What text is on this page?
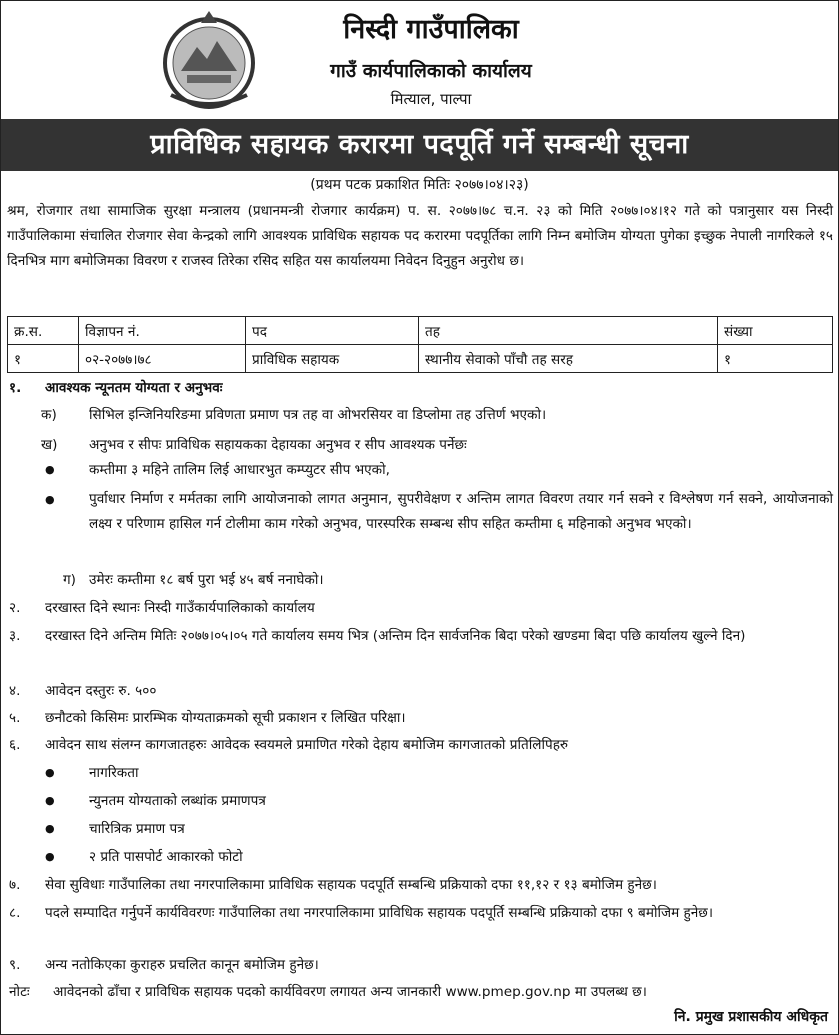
निस्दी गाउँपालिका
गाउँ कार्यपालिकाको कार्यालय
मित्याल, पाल्पा
प्राविधिक सहायक करारमा पदपूर्ति गर्ने सम्बन्धी सूचना
(प्रथम पटक प्रकाशित मितिः २०७७।०४।२३)
श्रम, रोजगार तथा सामाजिक सुरक्षा मन्त्रालय (प्रधानमन्त्री रोजगार कार्यक्रम) प. स. २०७७।७८ च.न. २३ को मिति २०७७।०४।१२ गते को पत्रानुसार यस निस्दी गाउँपालिकामा संचालित रोजगार सेवा केन्द्रको लागि आवश्यक प्राविधिक सहायक पद करारमा पदपूर्तिका लागि निम्न बमोजिम योग्यता पुगेका इच्छुक नेपाली नागरिकले १५ दिनभित्र माग बमोजिमका विवरण र राजस्व तिरेका रसिद सहित यस कार्यालयमा निवेदन दिनुहुन अनुरोध छ।
क्र.स.	विज्ञापन नं.	पद	तह	संख्या
१	०२-२०७७।७८	प्राविधिक सहायक	स्थानीय सेवाको पाँचौ तह सरह	१
१. आवश्यक न्यूनतम योग्यता र अनुभवः
क) सिभिल इन्जिनियरिङमा प्रविणता प्रमाण पत्र तह वा ओभरसियर वा डिप्लोमा तह उत्तिर्ण भएको।
ख) अनुभव र सीपः प्राविधिक सहायकका देहायका अनुभव र सीप आवश्यक पर्नेछः
●	कम्तीमा ३ महिने तालिम लिई आधारभुत कम्प्युटर सीप भएको,
●	पुर्वाधार निर्माण र मर्मतका लागि आयोजनाको लागत अनुमान, सुपरीवेक्षण र अन्तिम लागत विवरण तयार गर्न सक्ने र विश्लेषण गर्न सक्ने, आयोजनाको लक्ष्य र परिणाम हासिल गर्न टोलीमा काम गरेको अनुभव, पारस्परिक सम्बन्ध सीप सहित कम्तीमा ६ महिनाको अनुभव भएको।
ग) उमेरः कम्तीमा १८ बर्ष पुरा भई ४५ बर्ष ननाघेको।
२. दरखास्त दिने स्थानः निस्दी गाउँकार्यपालिकाको कार्यालय
३. दरखास्त दिने अन्तिम मितिः २०७७।०५।०५ गते कार्यालय समय भित्र (अन्तिम दिन सार्वजनिक बिदा परेको खण्डमा बिदा पछि कार्यालय खुल्ने दिन)
४. आवेदन दस्तुरः रु. ५००
५. छनौटको किसिमः प्रारम्भिक योग्यताक्रमको सूची प्रकाशन र लिखित परिक्षा।
६. आवेदन साथ संलग्न कागजातहरुः आवेदक स्वयमले प्रमाणित गरेको देहाय बमोजिम कागजातको प्रतिलिपिहरु
●	नागरिकता
●	न्युनतम योग्यताको लब्धांक प्रमाणपत्र
●	चारित्रिक प्रमाण पत्र
●	२ प्रति पासपोर्ट आकारको फोटो
७. सेवा सुविधाः गाउँपालिका तथा नगरपालिकामा प्राविधिक सहायक पदपूर्ति सम्बन्धि प्रक्रियाको दफा ११,१२ र १३ बमोजिम हुनेछ।
८. पदले सम्पादित गर्नुपर्ने कार्यविवरणः गाउँपालिका तथा नगरपालिकामा प्राविधिक सहायक पदपूर्ति सम्बन्धि प्रक्रियाको दफा ९ बमोजिम हुनेछ।
९. अन्य नतोकिएका कुराहरु प्रचलित कानून बमोजिम हुनेछ।
नोटः आवेदनको ढाँचा र प्राविधिक सहायक पदको कार्यविवरण लगायत अन्य जानकारी www.pmep.gov.np मा उपलब्ध छ।
नि. प्रमुख प्रशासकीय अधिकृत
